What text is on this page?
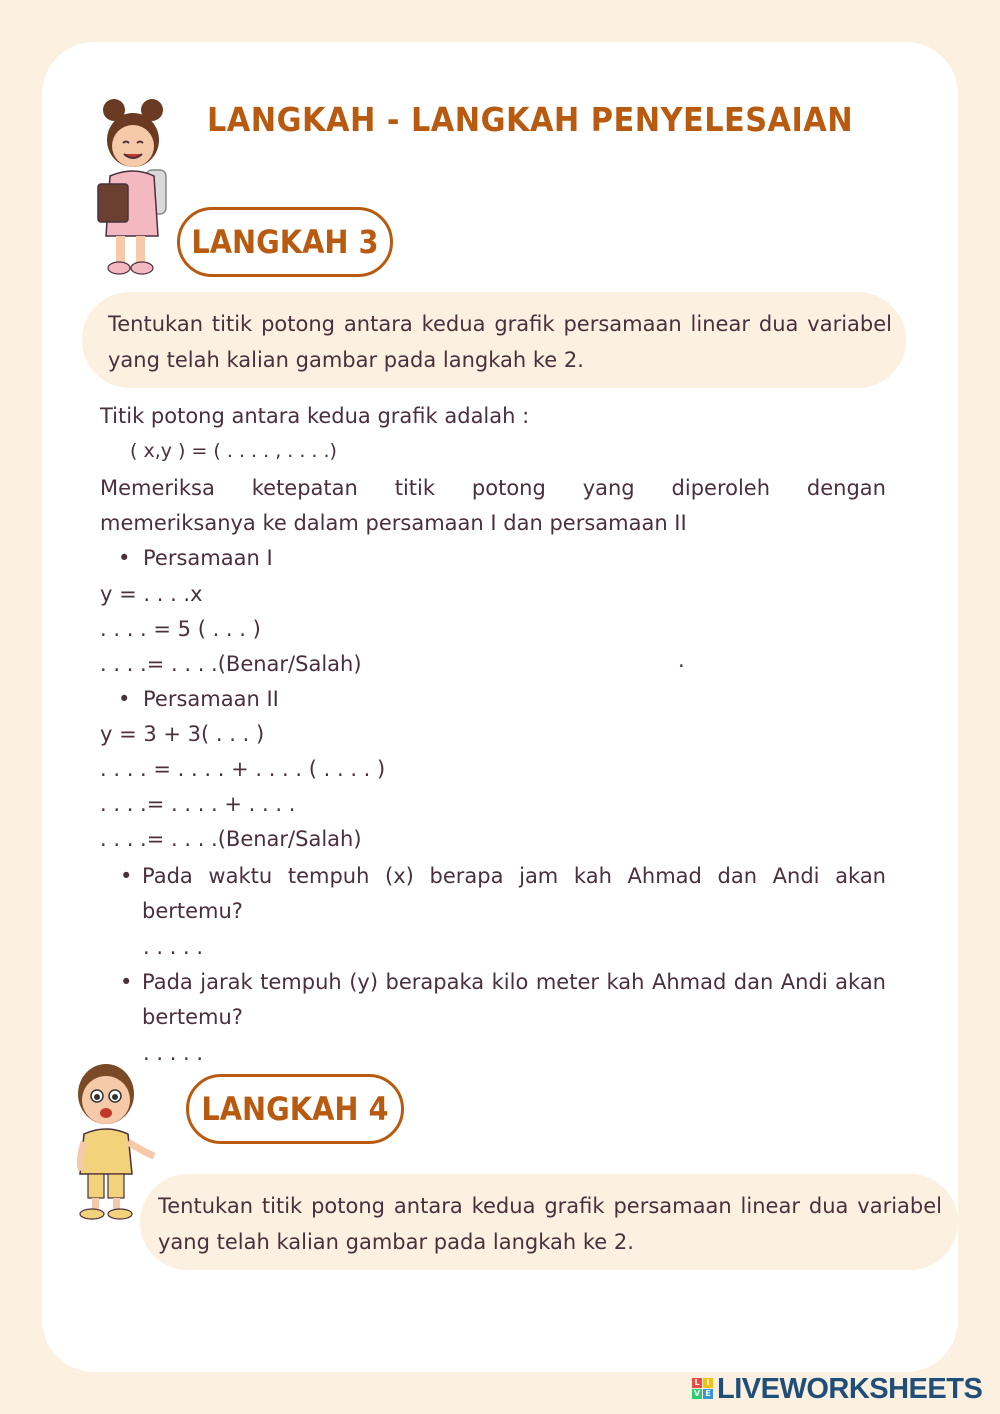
LANGKAH - LANGKAH PENYELESAIAN
LANGKAH 3
Tentukan titik potong antara kedua grafik persamaan linear dua variabel yang telah kalian gambar pada langkah ke 2.
Titik potong antara kedua grafik adalah :
( x,y ) = ( . . . . , . . . .)
Memeriksa ketepatan titik potong yang diperoleh dengan
memeriksanya ke dalam persamaan I dan persamaan II
• Persamaan I
y = . . . .x
. . . . = 5 ( . . . )
. . . .= . . . .(Benar/Salah)	.
• Persamaan II
y = 3 + 3( . . . )
. . . . = . . . . + . . . . ( . . . . )
. . . .= . . . . + . . . .
. . . .= . . . .(Benar/Salah)
• Pada waktu tempuh (x) berapa jam kah Ahmad dan Andi akan bertemu?
. . . . .
• Pada jarak tempuh (y) berapaka kilo meter kah Ahmad dan Andi akan bertemu?
. . . . .
LANGKAH 4
Tentukan titik potong antara kedua grafik persamaan linear dua variabel yang telah kalian gambar pada langkah ke 2.
L I
V E LIVEWORKSHEETS
